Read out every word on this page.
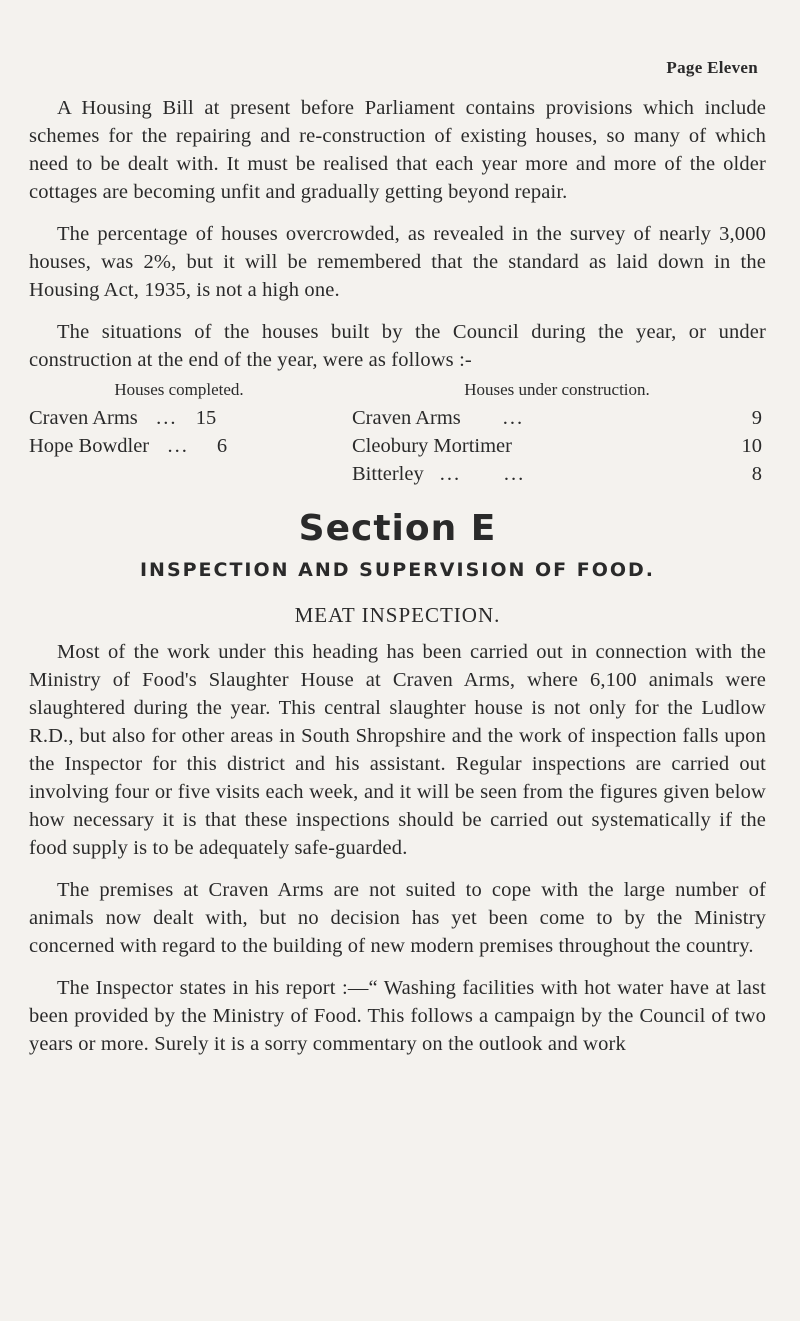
Page Eleven

A Housing Bill at present before Parliament contains provisions which include schemes for the repairing and re-construction of existing houses, so many of which need to be dealt with. It must be realised that each year more and more of the older cottages are becoming unfit and gradually getting beyond repair.

The percentage of houses overcrowded, as revealed in the survey of nearly 3,000 houses, was 2%, but it will be remembered that the standard as laid down in the Housing Act, 1935, is not a high one.

The situations of the houses built by the Council during the year, or under construction at the end of the year, were as follows :-

Houses completed.
Craven Arms ... 15
Hope Bowdler ...	6
Houses under construction.
Craven Arms ...	9
Cleobury Mortimer	10
Bitterley ...      ...	8
Section E
INSPECTION AND SUPERVISION OF FOOD.
MEAT INSPECTION.

Most of the work under this heading has been carried out in connection with the Ministry of Food's Slaughter House at Craven Arms, where 6,100 animals were slaughtered during the year. This central slaughter house is not only for the Ludlow R.D., but also for other areas in South Shropshire and the work of inspection falls upon the Inspector for this district and his assistant. Regular inspections are carried out involving four or five visits each week, and it will be seen from the figures given below how necessary it is that these inspections should be carried out systematically if the food supply is to be adequately safe-guarded.

The premises at Craven Arms are not suited to cope with the large number of animals now dealt with, but no decision has yet been come to by the Ministry concerned with regard to the building of new modern premises throughout the country.

The Inspector states in his report :—“ Washing facilities with hot water have at last been provided by the Ministry of Food. This follows a campaign by the Council of two years or more. Surely it is a sorry commentary on the outlook and work
